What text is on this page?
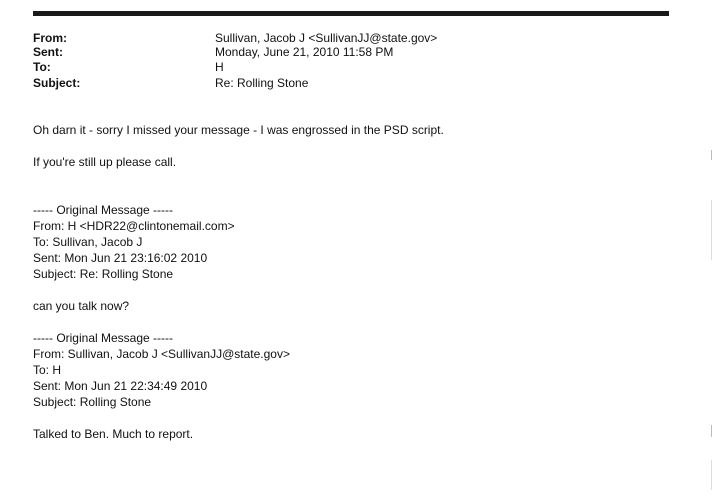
From:	Sullivan, Jacob J <SullivanJJ@state.gov>
Sent:	Monday, June 21, 2010 11:58 PM
To:	H
Subject:	Re: Rolling Stone
Oh darn it - sorry I missed your message - I was engrossed in the PSD script.
If you're still up please call.
----- Original Message -----
From: H <HDR22@clintonemail.com>
To: Sullivan, Jacob J
Sent: Mon Jun 21 23:16:02 2010
Subject: Re: Rolling Stone
can you talk now?
----- Original Message -----
From: Sullivan, Jacob J <SullivanJJ@state.gov>
To: H
Sent: Mon Jun 21 22:34:49 2010
Subject: Rolling Stone
Talked to Ben. Much to report.
